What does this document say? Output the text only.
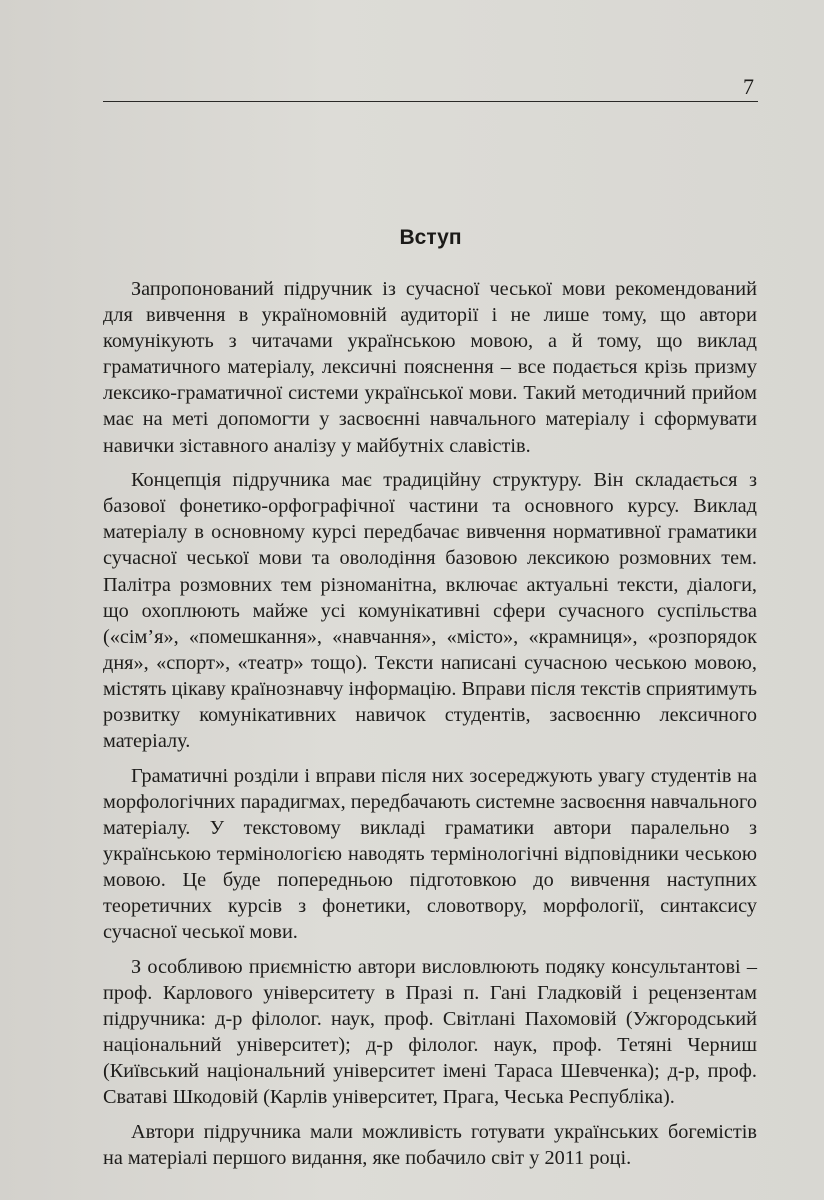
7
Вступ

Запропонований підручник із сучасної чеської мови рекомендований для вивчення в україномовній аудиторії і не лише тому, що автори комунікують з читачами українською мовою, а й тому, що виклад граматичного матеріалу, лексичні пояснення – все подається крізь призму лексико-граматичної системи української мови. Такий методичний прийом має на меті допомогти у засвоєнні навчального матеріалу і сформувати навички зіставного аналізу у майбутніх славістів.

Концепція підручника має традиційну структуру. Він складається з базової фонетико-орфографічної частини та основного курсу. Виклад матеріалу в основному курсі передбачає вивчення нормативної граматики сучасної чеської мови та оволодіння базовою лексикою розмовних тем. Палітра розмовних тем різноманітна, включає актуальні тексти, діалоги, що охоплюють майже усі комунікативні сфери сучасного суспільства («сім’я», «помешкання», «навчання», «місто», «крамниця», «розпорядок дня», «спорт», «театр» тощо). Тексти написані сучасною чеською мовою, містять цікаву країнознавчу інформацію. Вправи після текстів сприятимуть розвитку комунікативних навичок студентів, засвоєнню лексичного матеріалу.

Граматичні розділи і вправи після них зосереджують увагу студентів на морфологічних парадигмах, передбачають системне засвоєння навчального матеріалу. У текстовому викладі граматики автори паралельно з українською термінологією наводять термінологічні відповідники чеською мовою. Це буде попередньою підготовкою до вивчення наступних теоретичних курсів з фонетики, словотвору, морфології, синтаксису сучасної чеської мови.

З особливою приємністю автори висловлюють подяку консультантові – проф. Карлового університету в Празі п. Гані Гладковій і рецензентам підручника: д-р філолог. наук, проф. Світлані Пахомовій (Ужгородський національний університет); д-р філолог. наук, проф. Тетяні Черниш (Київський національний університет імені Тараса Шевченка); д-р, проф. Сватаві Шкодовій (Карлів університет, Прага, Чеська Республіка).

Автори підручника мали можливість готувати українських богемістів на матеріалі першого видання, яке побачило світ у 2011 році.
